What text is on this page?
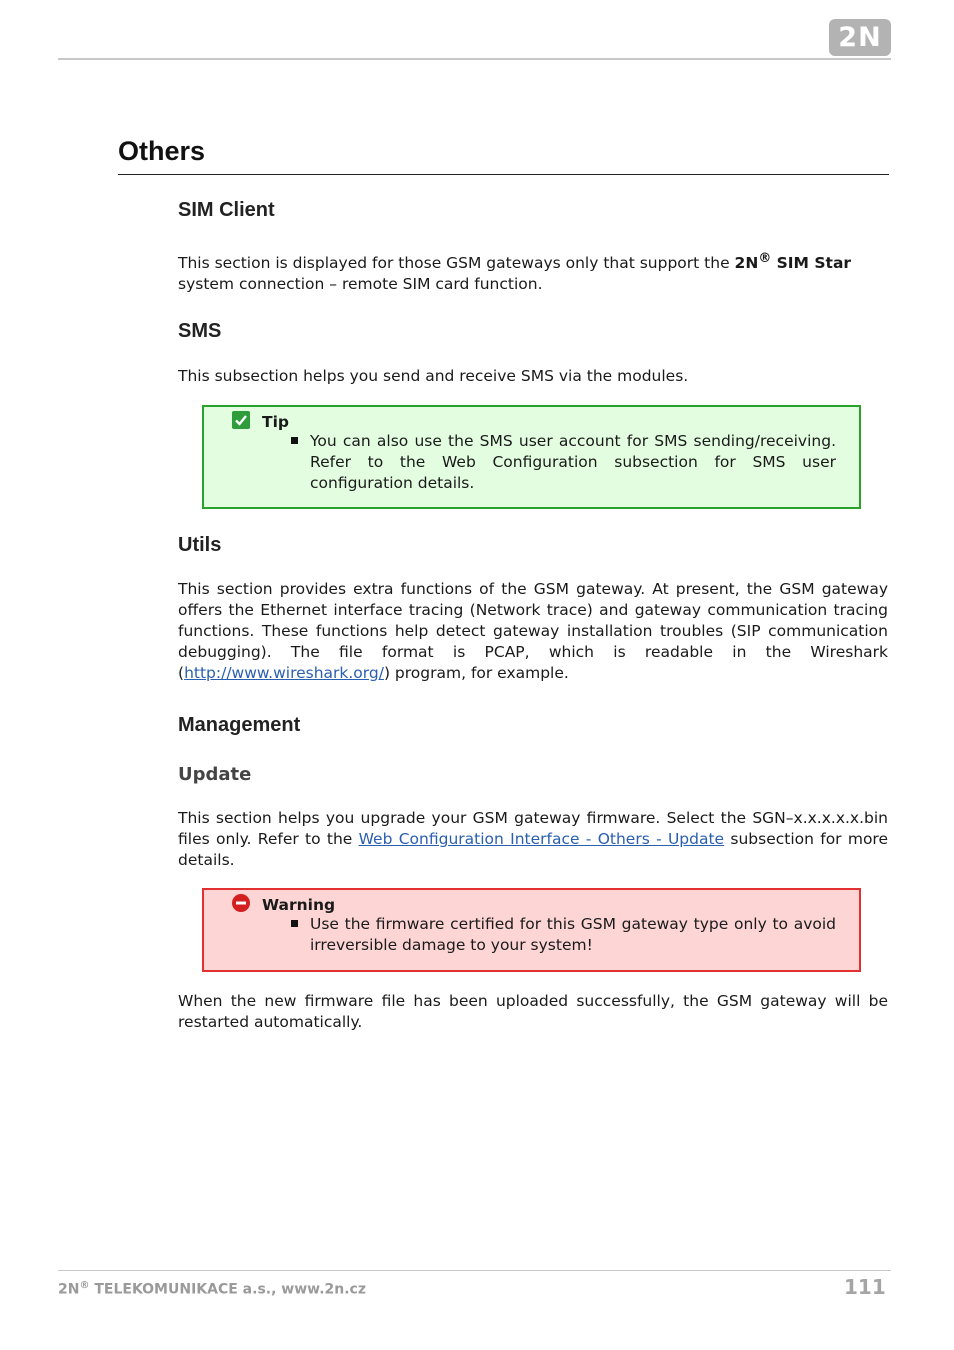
2N
Others
SIM Client

This section is displayed for those GSM gateways only that support the 2N® SIM Star
system connection – remote SIM card function.

SMS

This subsection helps you send and receive SMS via the modules.

Tip

You can also use the SMS user account for SMS sending/receiving. Refer to the Web Configuration subsection for SMS user configuration details.

Utils

This section provides extra functions of the GSM gateway. At present, the GSM gateway offers the Ethernet interface tracing (Network trace) and gateway communication tracing functions. These functions help detect gateway installation troubles (SIP communication debugging). The file format is PCAP, which is readable in the Wireshark (http://www.wireshark.org/) program, for example.

Management
Update

This section helps you upgrade your GSM gateway firmware. Select the SGN–x.x.x.x.x.bin files only. Refer to the Web Configuration Interface - Others - Update subsection for more details.

Warning

Use the firmware certified for this GSM gateway type only to avoid irreversible damage to your system!

When the new firmware file has been uploaded successfully, the GSM gateway will be restarted automatically.

2N® TELEKOMUNIKACE a.s., www.2n.cz	111
